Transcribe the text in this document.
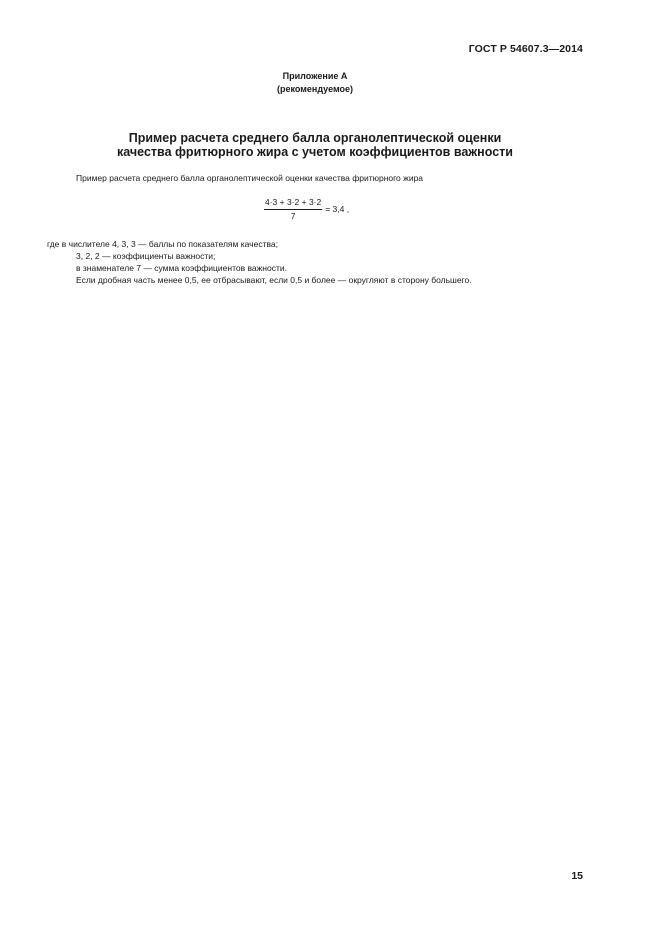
ГОСТ Р 54607.3—2014
Приложение А
(рекомендуемое)
Пример расчета среднего балла органолептической оценки
качества фритюрного жира с учетом коэффициентов важности
Пример расчета среднего балла органолептической оценки качества фритюрного жира
$\frac{4\cdot 3 + 3\cdot 2 + 3\cdot 2}{7} = 3,4$ ,
где в числителе 4, 3, 3 — баллы по показателям качества;
3, 2, 2 — коэффициенты важности;
в знаменателе 7 — сумма коэффициентов важности.
Если дробная часть менее 0,5, ее отбрасывают, если 0,5 и более — округляют в сторону большего.
15
